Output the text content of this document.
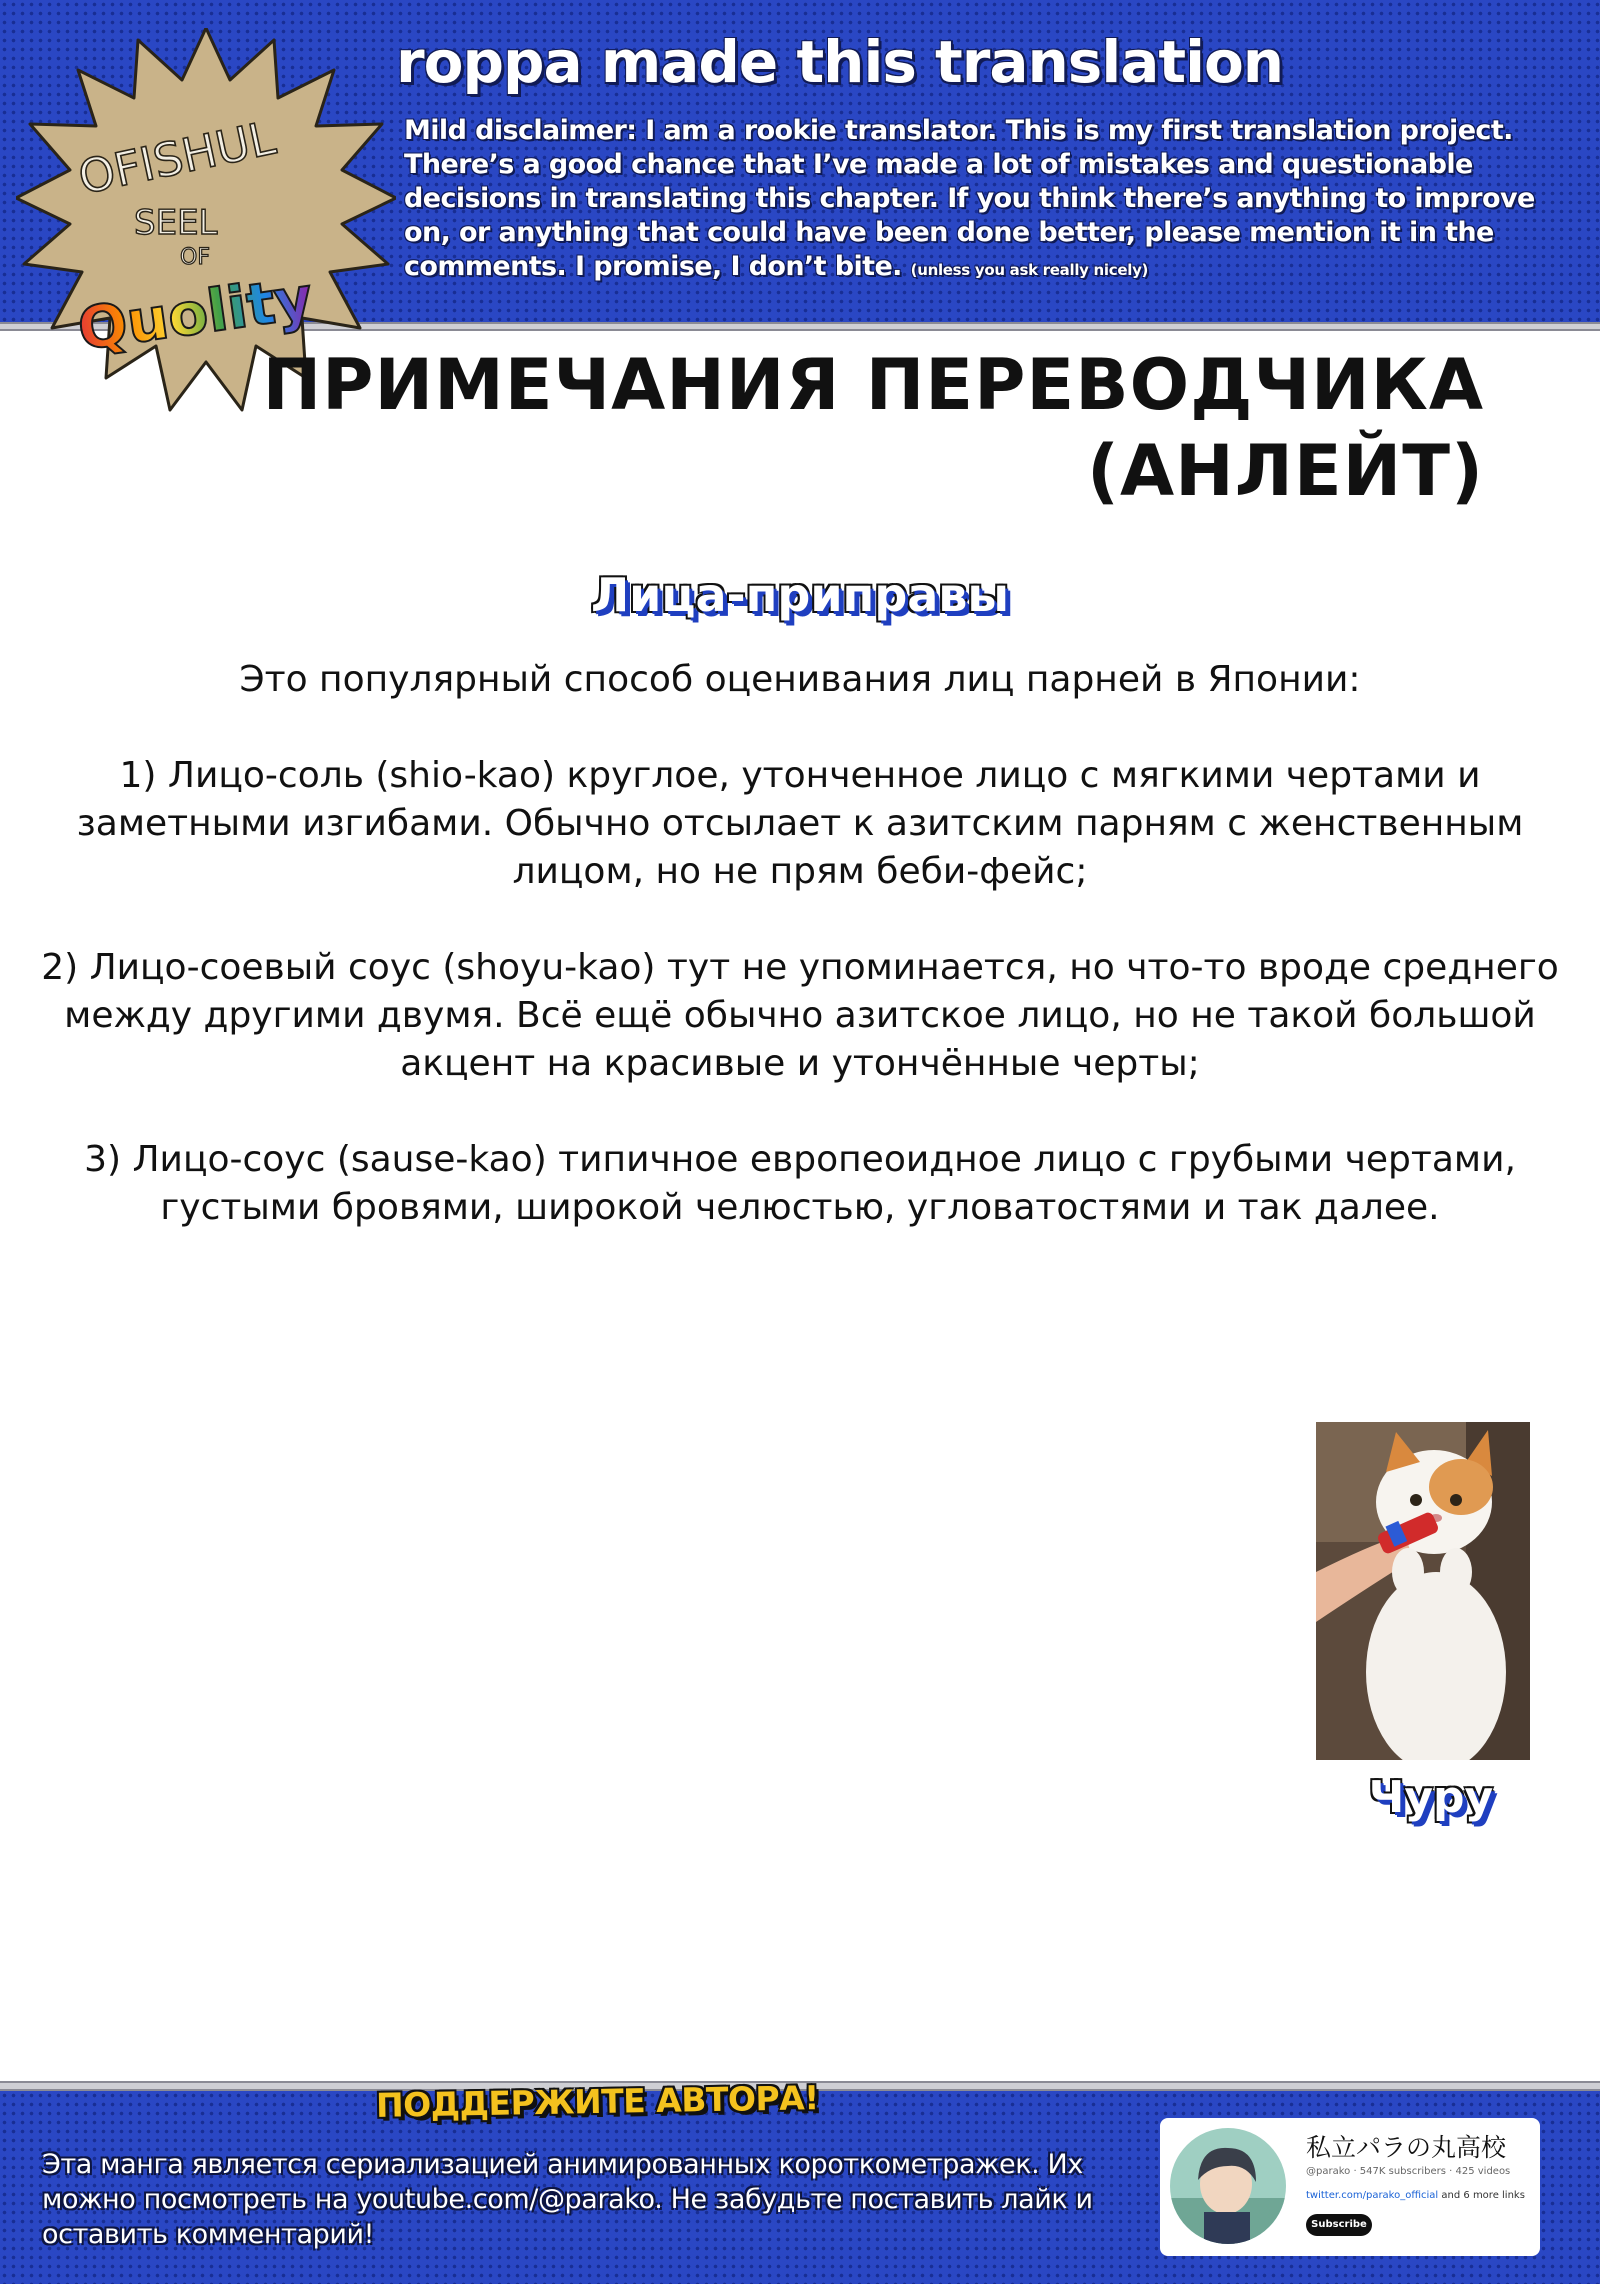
OFISHUL
SEEL
OF
Quolity
roppa made this translation
Mild disclaimer: I am a rookie translator. This is my first translation project. There’s a good chance that I’ve made a lot of mistakes and questionable decisions in translating this chapter. If you think there’s anything to improve on, or anything that could have been done better, please mention it in the comments. I promise, I don’t bite. (unless you ask really nicely)
ПРИМЕЧАНИЯ ПЕРЕВОДЧИКА
(АНЛЕЙТ)
Лица-приправы
Это популярный способ оценивания лиц парней в Японии:
1) Лицо-соль (shio-kao) круглое, утонченное лицо с мягкими чертами и заметными изгибами. Обычно отсылает к азитским парням с женственным лицом, но не прям беби-фейс;
2) Лицо-соевый соус (shoyu-kao) тут не упоминается, но что-то вроде среднего между другими двумя. Всё ещё обычно азитское лицо, но не такой большой акцент на красивые и утончённые черты;
3) Лицо-соус (sause-kao) типичное европеоидное лицо с грубыми чертами, густыми бровями, широкой челюстью, угловатостями и так далее.
Чуру
ПОДДЕРЖИТЕ АВТОРА!
Эта манга является сериализацией анимированных короткометражек. Их можно посмотреть на youtube.com/@parako. Не забудьте поставить лайк и оставить комментарий!
私立パラの丸高校
@parako · 547K subscribers · 425 videos
twitter.com/parako_official and 6 more links
Subscribe
